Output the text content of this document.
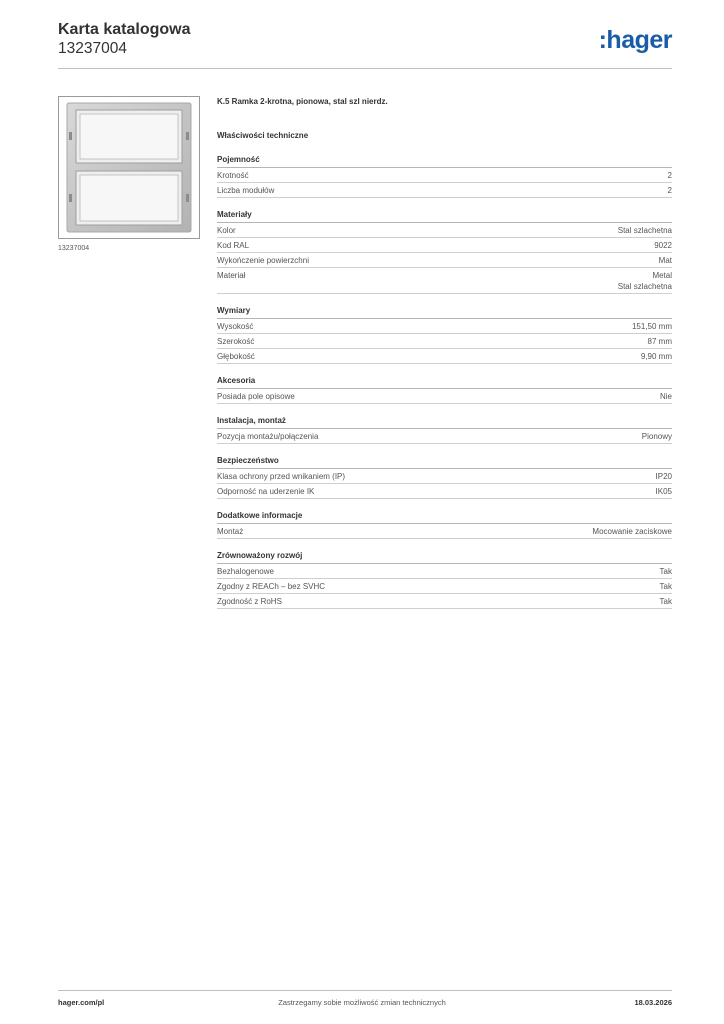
Karta katalogowa
13237004	:hager
13237004
K.5 Ramka 2-krotna, pionowa, stal szl nierdz.
Właściwości techniczne
Pojemność
Krotność	2
Liczba modułów	2
Materiały
Kolor	Stal szlachetna
Kod RAL	9022
Wykończenie powierzchni	Mat
Materiał	Metal
Stal szlachetna
Wymiary
Wysokość	151,50 mm
Szerokość	87 mm
Głębokość	9,90 mm
Akcesoria
Posiada pole opisowe	Nie
Instalacja, montaż
Pozycja montażu/połączenia	Pionowy
Bezpieczeństwo
Klasa ochrony przed wnikaniem (IP)	IP20
Odporność na uderzenie IK	IK05
Dodatkowe informacje
Montaż	Mocowanie zaciskowe
Zrównoważony rozwój
Bezhalogenowe	Tak
Zgodny z REACh – bez SVHC	Tak
Zgodność z RoHS	Tak
hager.com/pl	Zastrzegamy sobie możliwość zmian technicznych	18.03.2026
